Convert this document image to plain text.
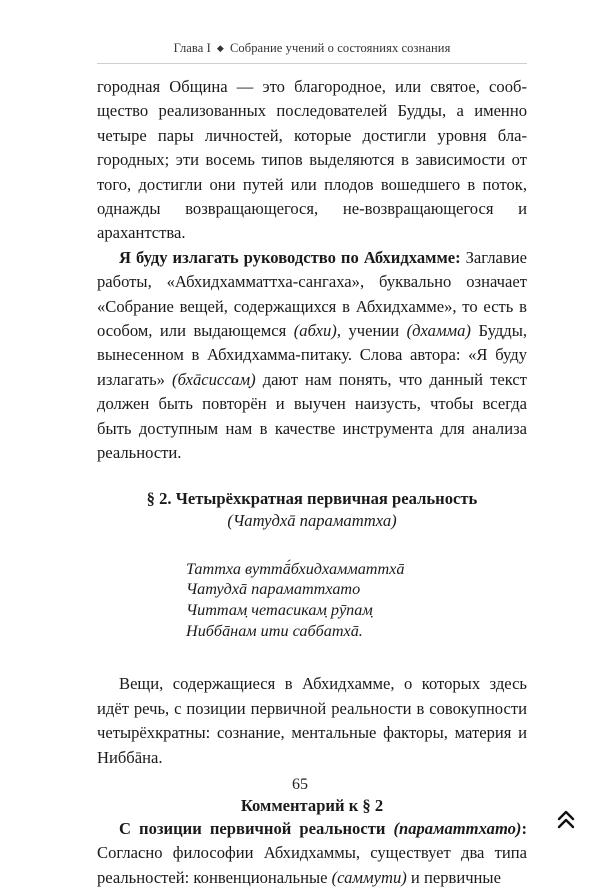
Глава I ◆ Собрание учений о состояниях сознания

городная Община — это благородное, или святое, сообщество реализованных последователей Будды, а именно четыре пары личностей, которые достигли уровня благородных; эти восемь типов выделяются в зависимости от того, достигли они путей или плодов вошедшего в поток, однажды возвращающегося, не-возвращающегося и арахантства.

Я буду излагать руководство по Абхидхамме: Заглавие работы, «Абхидхамматтха-сангаха», буквально означает «Собрание вещей, содержащихся в Абхидхамме», то есть в особом, или выдающемся (абхи), учении (дхамма) Будды, вынесенном в Абхидхамма-питаку. Слова автора: «Я буду излагать» (бхāсиссам̣) дают нам понять, что данный текст должен быть повторён и выучен наизусть, чтобы всегда быть доступным нам в качестве инструмента для анализа реальности.

§ 2. Четырёхкратная первичная реальность

(Чатудхā параматтха)

Таттха вуттā́бхидхамматтхā
Чатудхā параматтхато
Читтам̣ четасикам̣ рӯпам̣
Ниббāнам ити саббатхā.

Вещи, содержащиеся в Абхидхамме, о которых здесь идёт речь, с позиции первичной реальности в совокупности четырёхкратны: сознание, ментальные факторы, материя и Ниббāна.

Комментарий к § 2

С позиции первичной реальности (параматтхато): Согласно философии Абхидхаммы, существует два типа реальностей: конвенциональные (саммути) и первичные

65
